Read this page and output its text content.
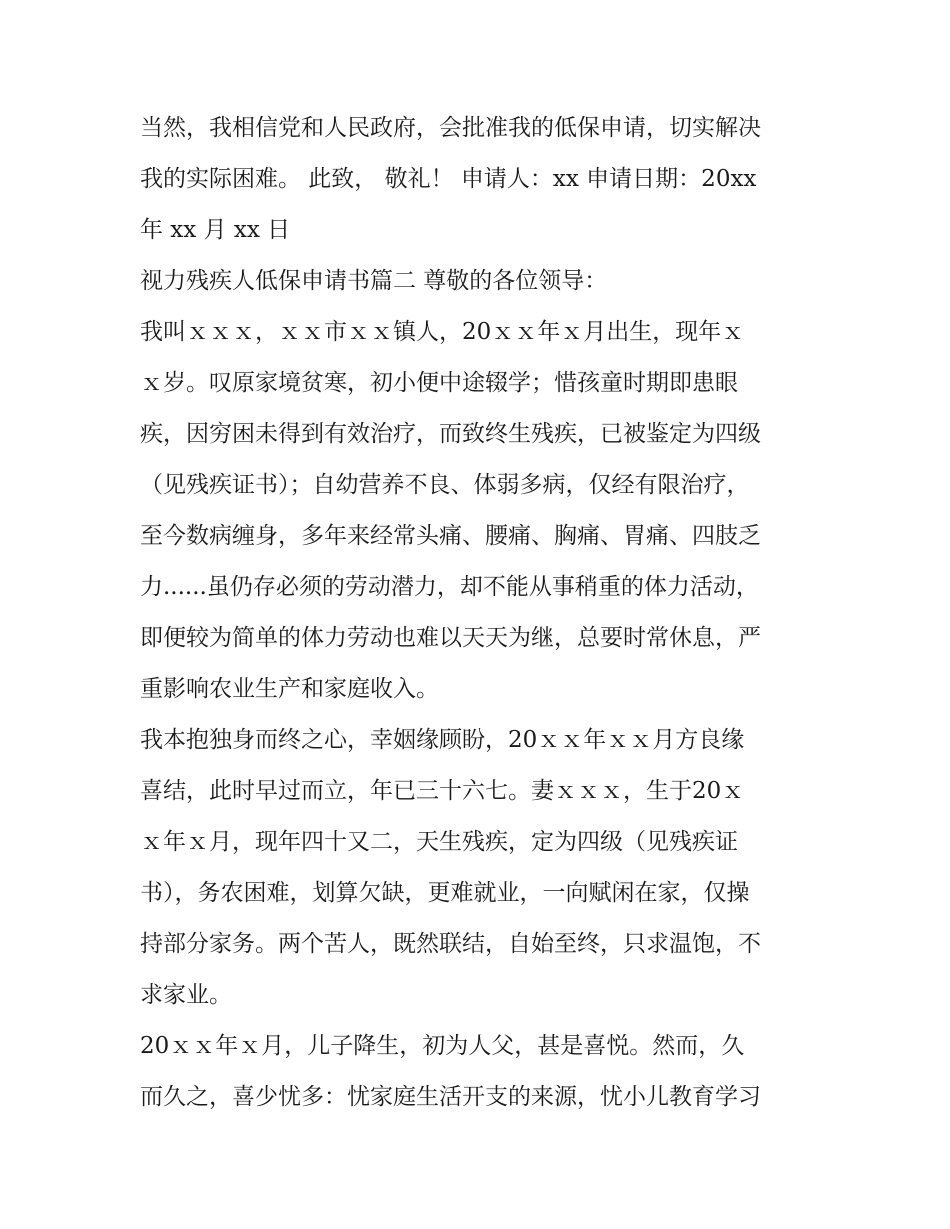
当然，我相信党和人民政府，会批准我的低保申请，切实解决

我的实际困难。 此致， 敬礼！ 申请人：xx 申请日期：20xx

年 xx 月 xx 日

视力残疾人低保申请书篇二 尊敬的各位领导：

我叫ｘｘｘ，ｘｘ市ｘｘ镇人，20ｘｘ年ｘ月出生，现年ｘ

ｘ岁。叹原家境贫寒，初小便中途辍学；惜孩童时期即患眼

疾，因穷困未得到有效治疗，而致终生残疾，已被鉴定为四级

（见残疾证书）；自幼营养不良、体弱多病，仅经有限治疗，

至今数病缠身，多年来经常头痛、腰痛、胸痛、胃痛、四肢乏

力......虽仍存必须的劳动潜力，却不能从事稍重的体力活动，

即便较为简单的体力劳动也难以天天为继，总要时常休息，严

重影响农业生产和家庭收入。

我本抱独身而终之心，幸姻缘顾盼，20ｘｘ年ｘｘ月方良缘

喜结，此时早过而立，年已三十六七。妻ｘｘｘ，生于20ｘ

ｘ年ｘ月，现年四十又二，天生残疾，定为四级（见残疾证

书），务农困难，划算欠缺，更难就业，一向赋闲在家，仅操

持部分家务。两个苦人，既然联结，自始至终，只求温饱，不

求家业。

20ｘｘ年ｘ月，儿子降生，初为人父，甚是喜悦。然而，久

而久之，喜少忧多：忧家庭生活开支的来源，忧小儿教育学习
